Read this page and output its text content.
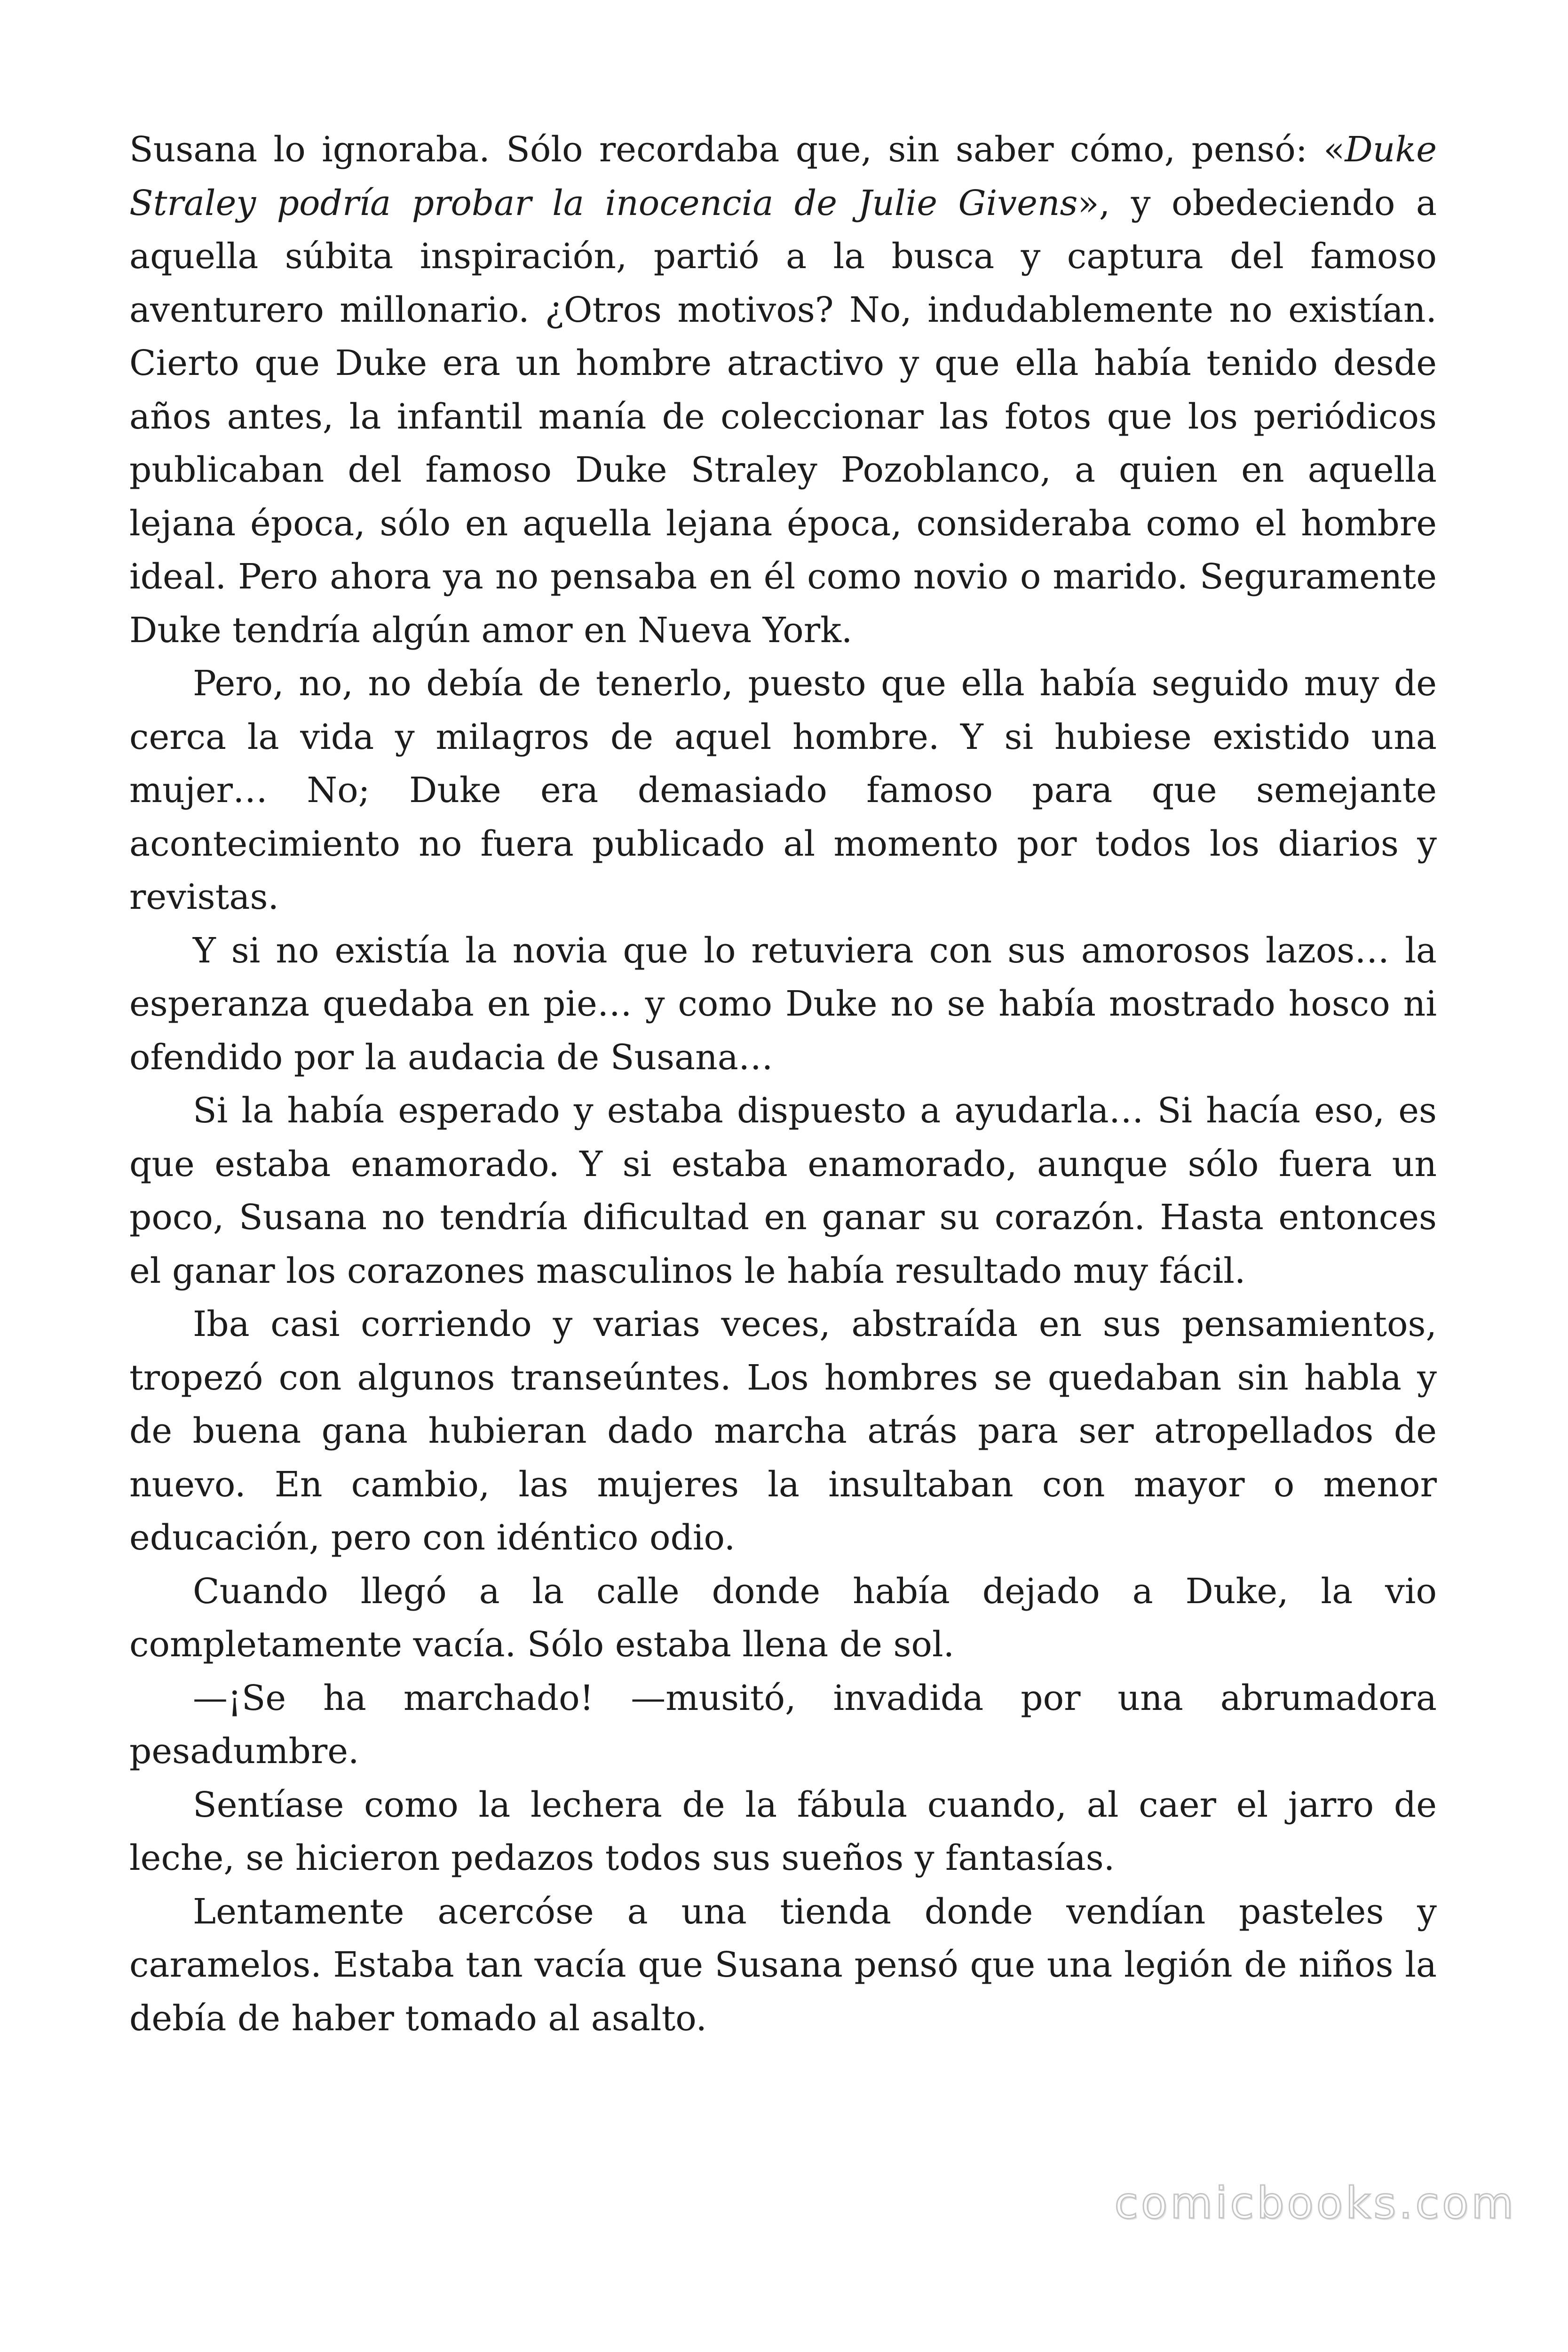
Susana lo ignoraba. Sólo recordaba que, sin saber cómo, pensó: «Duke Straley podría probar la inocencia de Julie Givens», y obedeciendo a aquella súbita inspiración, partió a la busca y captura del famoso aventurero millonario. ¿Otros motivos? No, indudablemente no existían. Cierto que Duke era un hombre atractivo y que ella había tenido desde años antes, la infantil manía de coleccionar las fotos que los periódicos publicaban del famoso Duke Straley Pozoblanco, a quien en aquella lejana época, sólo en aquella lejana época, consideraba como el hombre ideal. Pero ahora ya no pensaba en él como novio o marido. Seguramente Duke tendría algún amor en Nueva York.

Pero, no, no debía de tenerlo, puesto que ella había seguido muy de cerca la vida y milagros de aquel hombre. Y si hubiese existido una mujer… No; Duke era demasiado famoso para que semejante acontecimiento no fuera publicado al momento por todos los diarios y revistas.

Y si no existía la novia que lo retuviera con sus amorosos lazos… la esperanza quedaba en pie… y como Duke no se había mostrado hosco ni ofendido por la audacia de Susana…

Si la había esperado y estaba dispuesto a ayudarla… Si hacía eso, es que estaba enamorado. Y si estaba enamorado, aunque sólo fuera un poco, Susana no tendría dificultad en ganar su corazón. Hasta entonces el ganar los corazones masculinos le había resultado muy fácil.

Iba casi corriendo y varias veces, abstraída en sus pensamientos, tropezó con algunos transeúntes. Los hombres se quedaban sin habla y de buena gana hubieran dado marcha atrás para ser atropellados de nuevo. En cambio, las mujeres la insultaban con mayor o menor educación, pero con idéntico odio.

Cuando llegó a la calle donde había dejado a Duke, la vio completamente vacía. Sólo estaba llena de sol.

—¡Se ha marchado! —musitó, invadida por una abrumadora pesadumbre.

Sentíase como la lechera de la fábula cuando, al caer el jarro de leche, se hicieron pedazos todos sus sueños y fantasías.

Lentamente acercóse a una tienda donde vendían pasteles y caramelos. Estaba tan vacía que Susana pensó que una legión de niños la debía de haber tomado al asalto.

comicbooks.com
